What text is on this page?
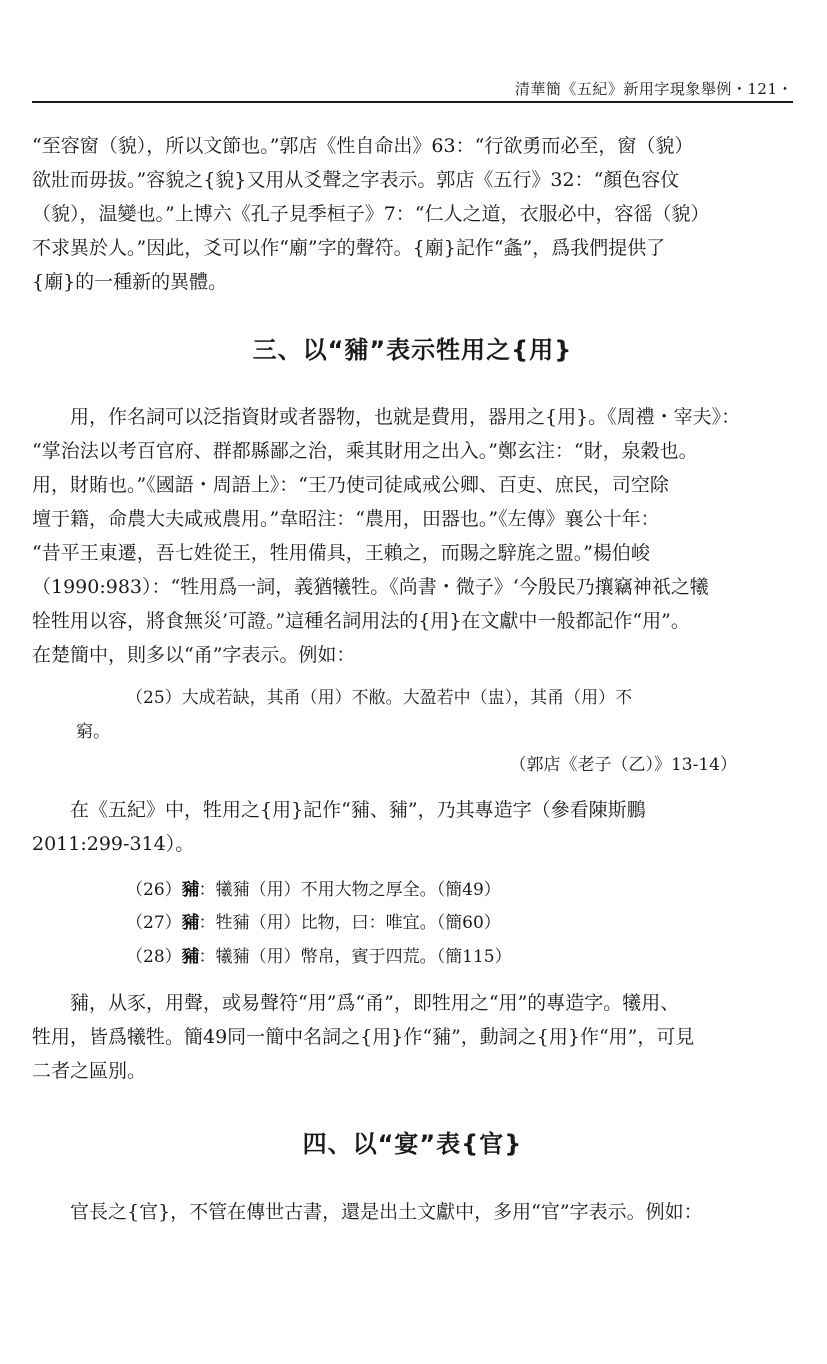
清華簡《五紀》新用字現象舉例・121・
“至容窗（貌），所以文節也。”郭店《性自命出》63：“行欲勇而必至，窗（貌）
欲壯而毋拔。”容貌之{貌}又用从爻聲之字表示。郭店《五行》32：“顏色容伩
（貌），温變也。”上博六《孔子見季桓子》7：“仁人之道，衣服必中，容徭（貌）
不求異於人。”因此，爻可以作“廟”字的聲符。{廟}記作“螽”，爲我們提供了
{廟}的一種新的異體。
三、以“豧”表示牲用之{用}
用，作名詞可以泛指資財或者器物，也就是費用，器用之{用}。《周禮・宰夫》：
“掌治法以考百官府、群都縣鄙之治，乘其財用之出入。”鄭玄注：“財，泉穀也。
用，財賄也。”《國語・周語上》：“王乃使司徒咸戒公卿、百吏、庶民，司空除
壇于籍，命農大夫咸戒農用。”韋昭注：“農用，田器也。”《左傳》襄公十年：
“昔平王東遷，吾七姓從王，牲用備具，王賴之，而賜之騂旄之盟。”楊伯峻
（1990:983）：“牲用爲一詞，義猶犧牲。《尚書・微子》‘今殷民乃攘竊神祇之犧
牷牲用以容，將食無災’可證。”這種名詞用法的{用}在文獻中一般都記作“用”。
在楚簡中，則多以“甬”字表示。例如：
（25）大成若缺，其甬（用）不敝。大盈若中（盅），其甬（用）不
窮。
（郭店《老子（乙）》13-14）
在《五紀》中，牲用之{用}記作“豧、豧”，乃其專造字（參看陳斯鵬
2011:299-314）。
（26）豧：犧豧（用）不用大物之厚全。（簡49）
（27）豧：牲豧（用）比物，曰：唯宜。（簡60）
（28）豧：犧豧（用）幣帛，賓于四荒。（簡115）
豧，从豕，用聲，或易聲符“用”爲“甬”，即牲用之“用”的專造字。犧用、
牲用，皆爲犧牲。簡49同一簡中名詞之{用}作“豧”，動詞之{用}作“用”，可見
二者之區別。
四、以“宴”表{官}
官長之{官}，不管在傳世古書，還是出土文獻中，多用“官”字表示。例如：
